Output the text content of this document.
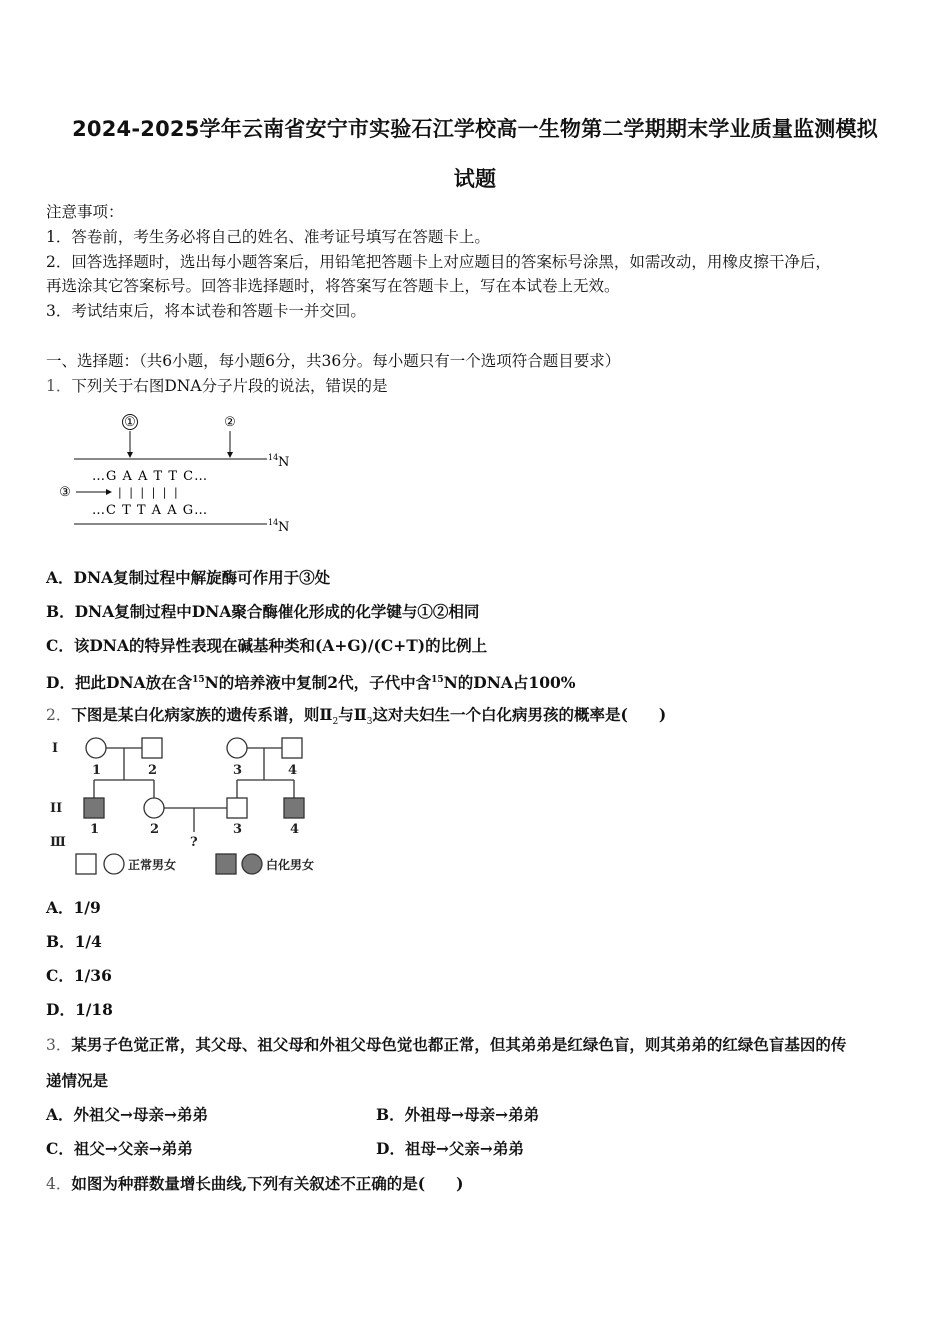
2024-2025学年云南省安宁市实验石江学校高一生物第二学期期末学业质量监测模拟
试题
注意事项：
1．答卷前，考生务必将自己的姓名、准考证号填写在答题卡上。
2．回答选择题时，选出每小题答案后，用铅笔把答题卡上对应题目的答案标号涂黑，如需改动，用橡皮擦干净后，
再选涂其它答案标号。回答非选择题时，将答案写在答题卡上，写在本试卷上无效。
3．考试结束后，将本试卷和答题卡一并交回。
一、选择题：（共6小题，每小题6分，共36分。每小题只有一个选项符合题目要求）
1．下列关于右图DNA分子片段的说法，错误的是
①	②
14 N
…G A A T T C…
| | | | | |
…C T T A A G…
③
14 N
A．DNA复制过程中解旋酶可作用于③处
B．DNA复制过程中DNA聚合酶催化形成的化学键与①②相同
C．该DNA的特异性表现在碱基种类和(A+G)/(C+T)的比例上
D．把此DNA放在含$^{15}$N的培养液中复制2代，子代中含$^{15}$N的DNA占100%
2．下图是某白化病家族的遗传系谱，则$Ⅱ_2$与$Ⅱ_3$这对夫妇生一个白化病男孩的概率是(　　)
I
II
Ⅲ
1	2	3	4
1	2	3	4
?
正常男女	白化男女
A．1/9
B．1/4
C．1/36
D．1/18
3．某男子色觉正常，其父母、祖父母和外祖父母色觉也都正常，但其弟弟是红绿色盲，则其弟弟的红绿色盲基因的传
递情况是
A．外祖父→母亲→弟弟	B．外祖母→母亲→弟弟
C．祖父→父亲→弟弟	D．祖母→父亲→弟弟
4．如图为种群数量增长曲线,下列有关叙述不正确的是(　　)
